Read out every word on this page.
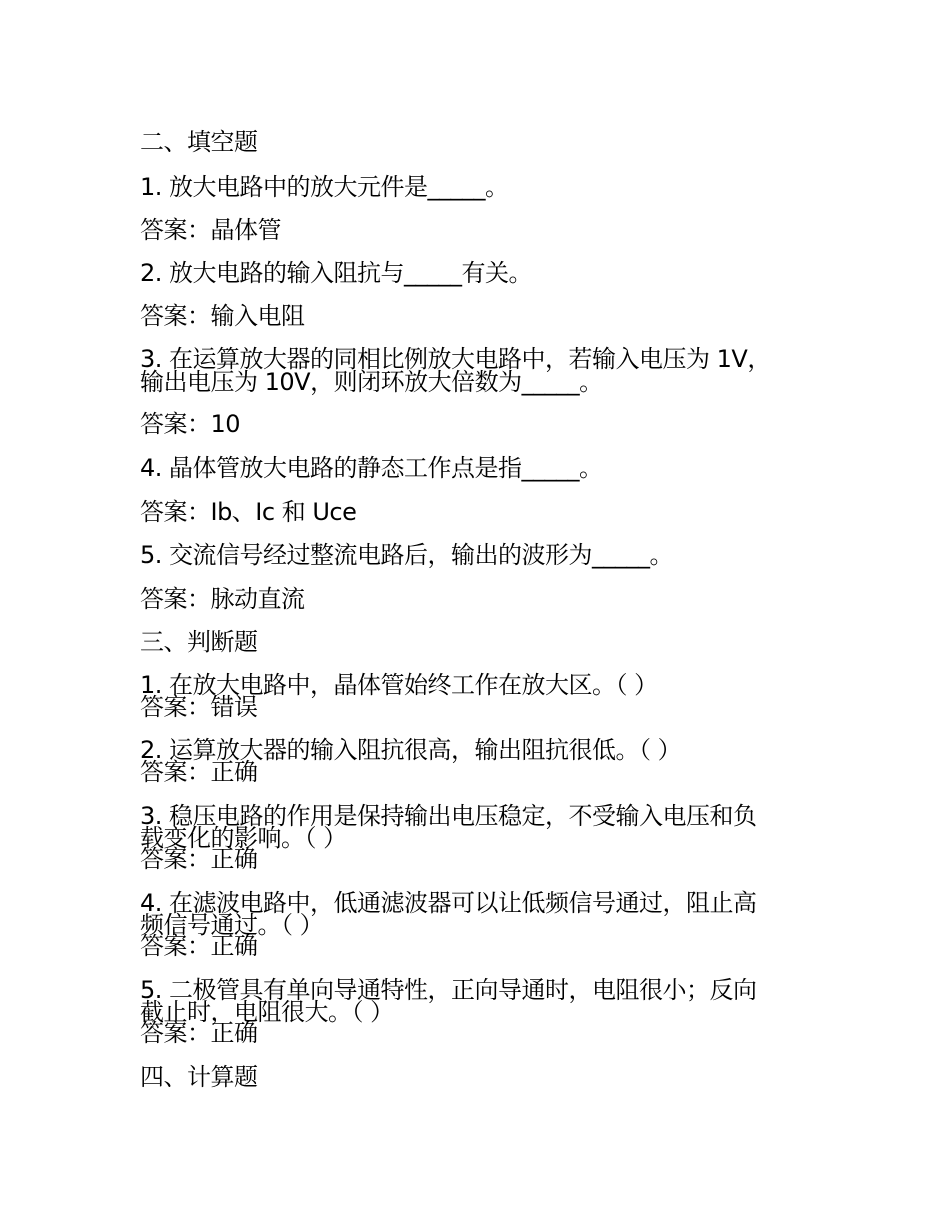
二、填空题

1. 放大电路中的放大元件是_____。

答案：晶体管

2. 放大电路的输入阻抗与_____有关。

答案：输入电阻

3. 在运算放大器的同相比例放大电路中，若输入电压为 1V，

输出电压为 10V，则闭环放大倍数为_____。

答案：10

4. 晶体管放大电路的静态工作点是指_____。

答案：Ib、Ic 和 Uce

5. 交流信号经过整流电路后，输出的波形为_____。

答案：脉动直流

三、判断题

1. 在放大电路中，晶体管始终工作在放大区。（ ）

答案：错误

2. 运算放大器的输入阻抗很高，输出阻抗很低。（ ）

答案：正确

3. 稳压电路的作用是保持输出电压稳定，不受输入电压和负

载变化的影响。（ ）

答案：正确

4. 在滤波电路中，低通滤波器可以让低频信号通过，阻止高

频信号通过。（ ）

答案：正确

5. 二极管具有单向导通特性，正向导通时，电阻很小；反向

截止时，电阻很大。（ ）

答案：正确

四、计算题
